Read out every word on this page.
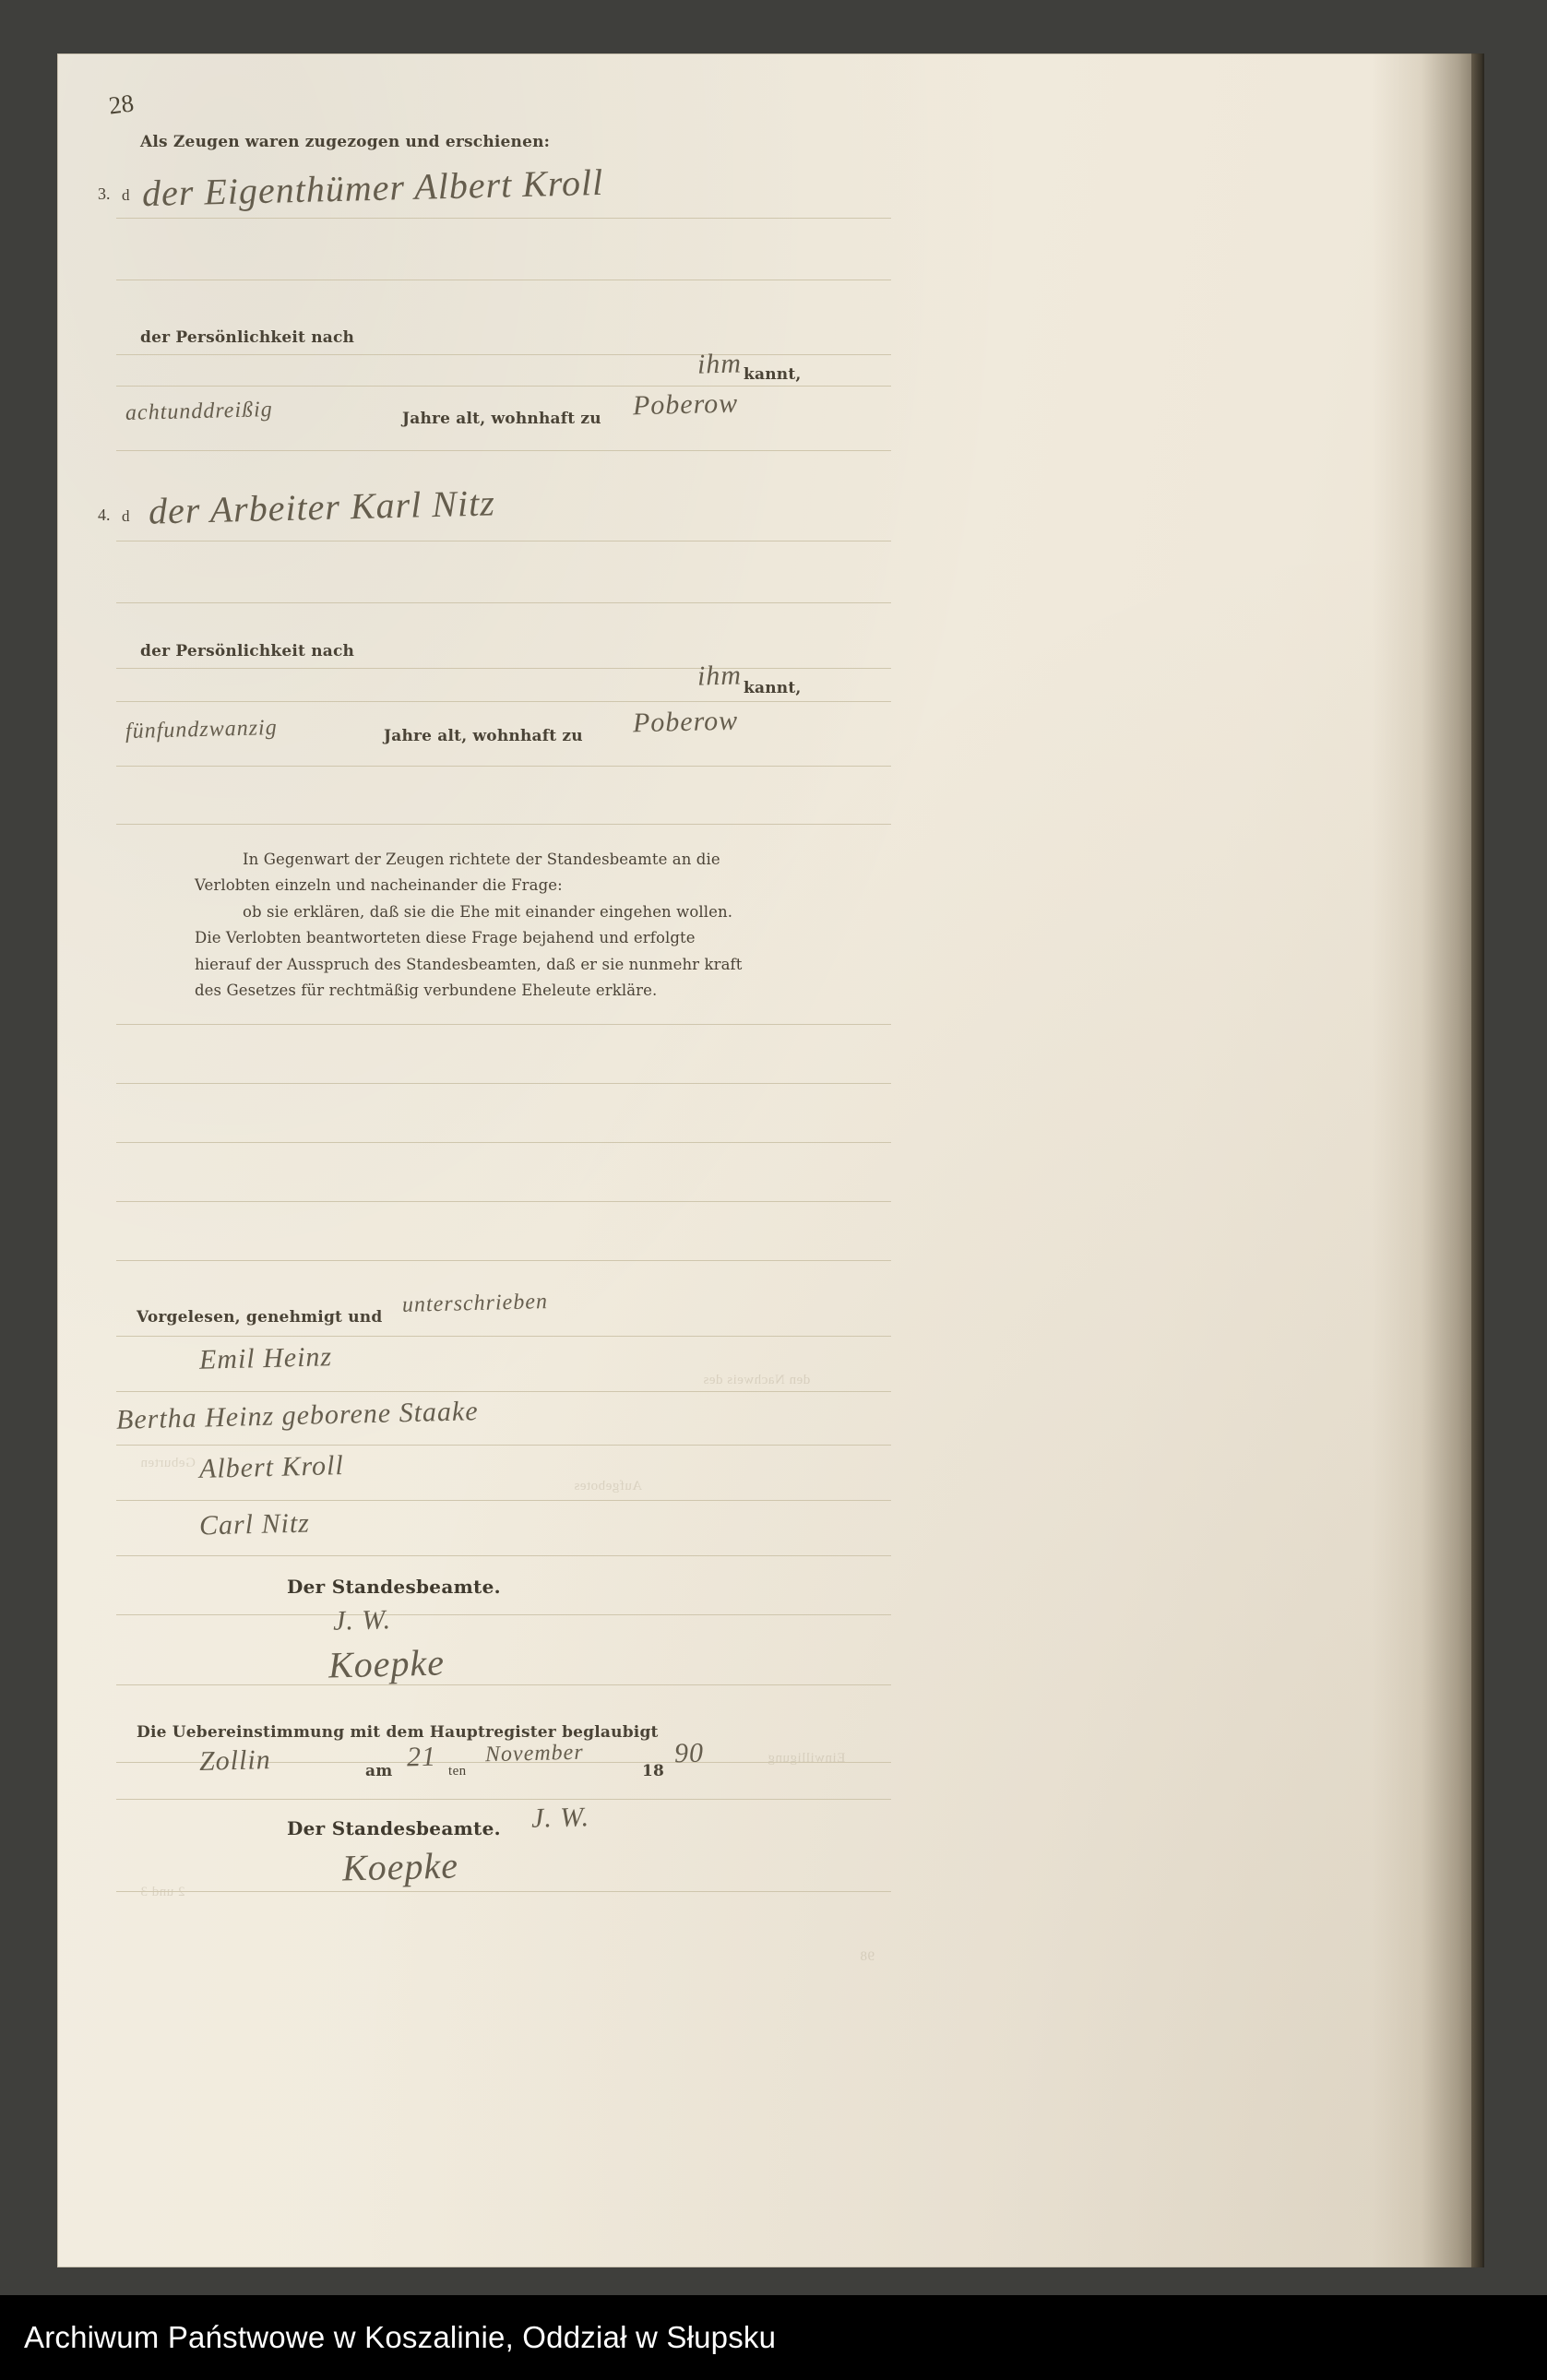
Geburten
den Nachweis des
Aufgebotes
Einwilligung
2 und 3
98
28
Als Zeugen waren zugezogen und erschienen:
3. d der Eigenthümer Albert Kroll
der Persönlichkeit nach
ihm kannt,
achtunddreißig	Jahre alt, wohnhaft zu Poberow
4. d der Arbeiter Karl Nitz
der Persönlichkeit nach
ihm kannt,
fünfundzwanzig	Jahre alt, wohnhaft zu Poberow
In Gegenwart der Zeugen richtete der Standesbeamte an die
Verlobten einzeln und nacheinander die Frage:
ob sie erklären, daß sie die Ehe mit einander eingehen wollen.
Die Verlobten beantworteten diese Frage bejahend und erfolgte
hierauf der Ausspruch des Standesbeamten, daß er sie nunmehr kraft
des Gesetzes für rechtmäßig verbundene Eheleute erkläre.
Vorgelesen, genehmigt und
unterschrieben
Emil Heinz
Bertha Heinz geborene Staake
Albert Kroll
Carl Nitz
Der Standesbeamte.
J. W.
Koepke
Die Uebereinstimmung mit dem Hauptregister beglaubigt
Zollin	am 21 ten
November
18
90
Der Standesbeamte. J. W.
Koepke
Archiwum Państwowe w Koszalinie, Oddział w Słupsku
